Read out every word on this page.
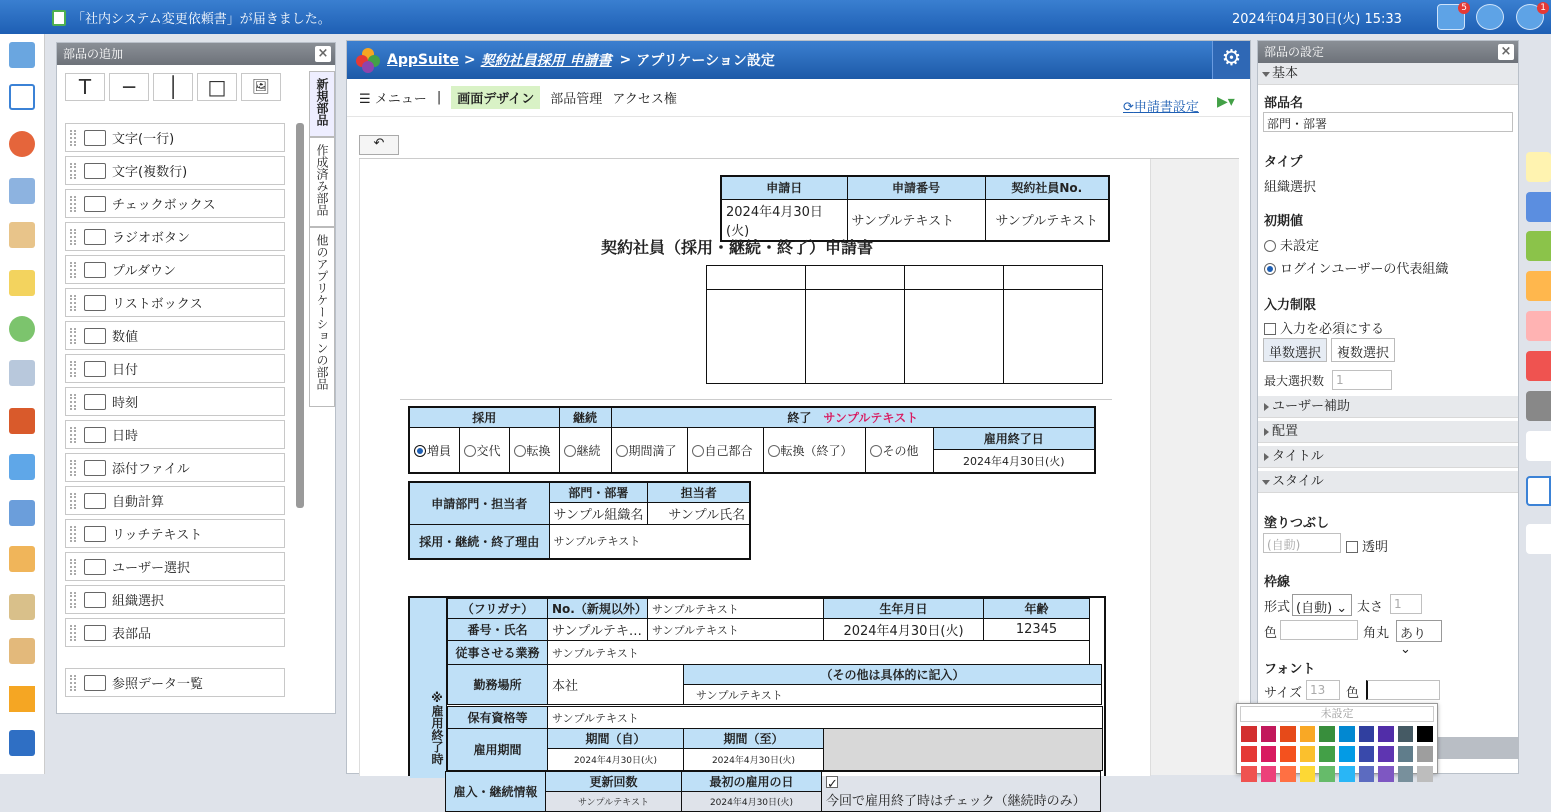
「社内システム変更依頼書」が届きました。	2024年04月30日(火) 15:33
5	1
部品の追加	×
T	─	│	□	🖼
文字(一行)
文字(複数行)
チェックボックス
ラジオボタン
プルダウン
リストボックス
数値
日付
時刻
日時
添付ファイル
自動計算
リッチテキスト
ユーザー選択
組織選択
表部品
参照データ一覧
新規部品
作成済み部品
他のアプリケーションの部品
AppSuite > 契約社員採用 申請書 > アプリケーション設定	⚙
☰ メニュー |	画面デザイン	部品管理 アクセス権
⟳申請書設定 ▶▾
↶
申請日	申請番号	契約社員No.
2024年4月30日(火)	サンプルテキスト	サンプルテキスト
契約社員（採用・継続・終了）申請書

採用			継続	終了　 サンプルテキスト				
増員	交代	転換	継続	期間満了	自己都合	転換（終了）	その他	雇用終了日
2024年4月30日(火)
申請部門・担当者	部門・部署	担当者
	サンプル組織名	サンプル氏名
採用・継続・終了理由	サンプルテキスト	
※雇用終了時
（フリガナ）	No.（新規以外）	サンプルテキスト	生年月日	年齢
番号・氏名	サンプルテキ…	サンプルテキスト	2024年4月30日(火)	12345
従事させる業務	サンプルテキスト			
勤務場所	本社	（その他は具体的に記入）
サンプルテキスト
保有資格等	サンプルテキスト
雇用期間	期間（自）	期間（至）	
	2024年4月30日(火)	2024年4月30日(火)	
雇入・継続情報	更新回数	最初の雇用の日	✓今回で雇用終了時はチェック（継続時のみ）
	サンプルテキスト	2024年4月30日(火)	
部品の設定	×
基本
部品名
部門・部署
タイプ
組織選択
初期値
未設定
ログインユーザーの代表組織
入力制限
入力を必須にする
単数選択	複数選択
最大選択数 1
ユーザー補助
配置
タイトル
スタイル
塗りつぶし
(自動)	透明
枠線
形式 (自動) ⌄ 太さ 1
色	角丸 あり ⌄
フォント
サイズ 13	色
未設定
